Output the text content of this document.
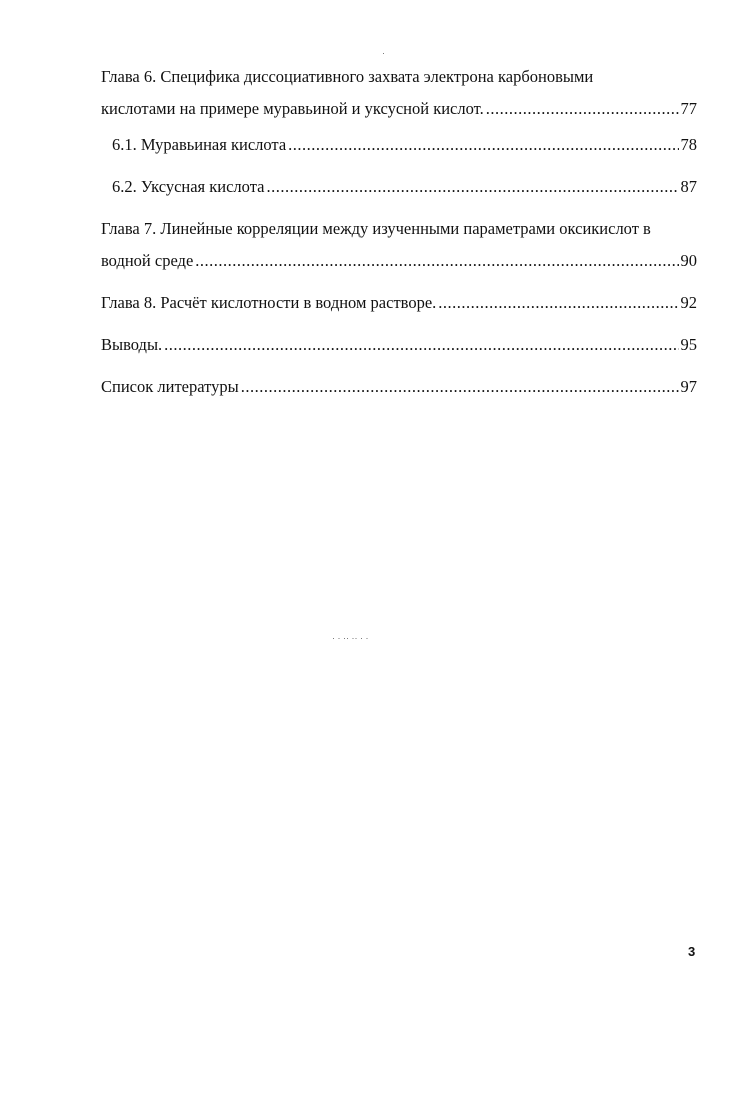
Глава 6. Специфика диссоциативного захвата электрона карбоновыми
кислотами на примере муравьиной и уксусной кислот. .....	77
6.1. Муравьиная кислота .....	78
6.2. Уксусная кислота .....	87
Глава 7. Линейные корреляции между изученными параметрами оксикислот в
водной среде .....	90
Глава 8. Расчёт кислотности в водном растворе. .....	92
Выводы. .....	95
Список литературы .....	97
·
· · ·· ·· · ·
3
